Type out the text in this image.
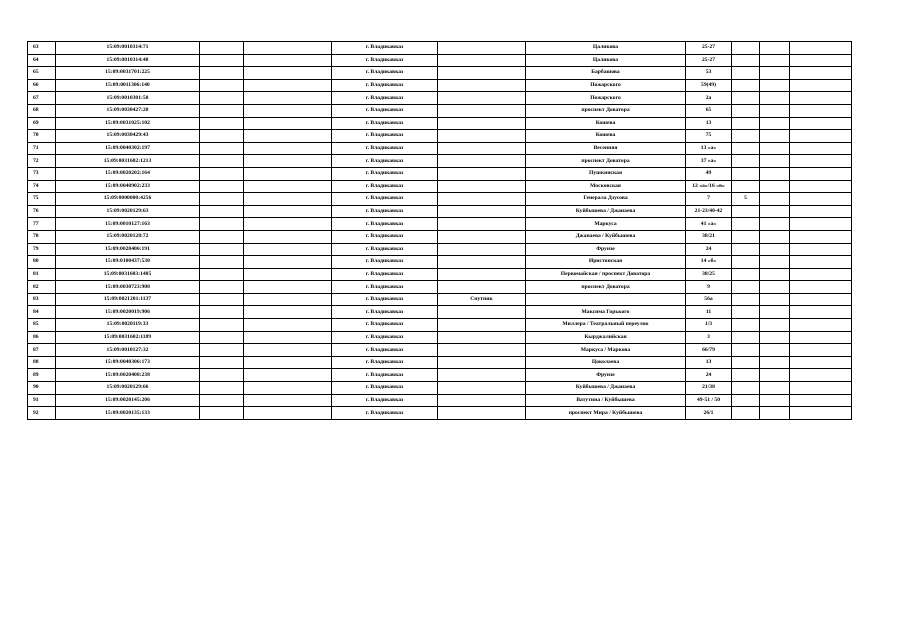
63	15:09:0010314:71			г. Владикавказ		Цаликова	25-27			
64	15:09:0010314:48			г. Владикавказ		Цаликова	25-27			
65	15:09:0031701:225			г. Владикавказ		Барбашова	53			
66	15:09:0011306:140			г. Владикавказ		Пожарского	59(49)			
67	15:09:0010301:50			г. Владикавказ		Пожарского	2а			
68	15:09:0030427:20			г. Владикавказ		проспект Доватора	65			
69	15:09:0031025:102			г. Владикавказ		Кошева	13			
70	15:09:0030429:43			г. Владикавказ		Кошева	75			
71	15:09:0040302:197			г. Владикавказ		Весенняя	13 «а»			
72	15:09:0031602:1213			г. Владикавказ		проспект Доватора	37 «а»			
73	15:09:0020202:164			г. Владикавказ		Пушкинская	49			
74	15:09:0040902:233			г. Владикавказ		Московская	12 «а»/16 «в»			
75	15:09:0000000:4256			г. Владикавказ		Генерала Дзусова	7	5		
76	15:09:0020129:63			г. Владикавказ		Куйбышева / Джанаева	21-23/40-42			
77	15:09:0010127:163			г. Владикавказ		Маркуса	41 «а»			
78	15:09:0020128:72			г. Владикавказ		Джанаева / Куйбышева	38/21			
79	15:09:0020406:191			г. Владикавказ		Фрунзе	24			
80	15:09:0100437:530			г. Владикавказ		Иристонская	14 «б»			
81	15:09:0031603:1485			г. Владикавказ		Первомайская / проспект Доватора	38/25			
82	15:09:0030723:908			г. Владикавказ		проспект Доватора	9			
83	15:09:0021201:1137			г. Владикавказ	Спутник		56а			
84	15:09:0020019:906			г. Владикавказ		Максима Горького	11			
85	15:09:0020119:33			г. Владикавказ		Миллера / Театральный переулок	1/3			
86	15:09:0031602:1189			г. Владикавказ		Кырджалийская	3			
87	15:09:0010127:32			г. Владикавказ		Маркуса / Маркова	66/79			
88	15:09:0040306:173			г. Владикавказ		Цоколаева	13			
89	15:09:0020408:238			г. Владикавказ		Фрунзе	24			
90	15:09:0020129:66			г. Владикавказ		Куйбышева / Джанаева	21/38			
91	15:09:0020145:206			г. Владикавказ		Ватутина / Куйбышева	49-51 / 50			
92	15:09:0020135:133			г. Владикавказ		проспект Мира / Куйбышева	26/1			
